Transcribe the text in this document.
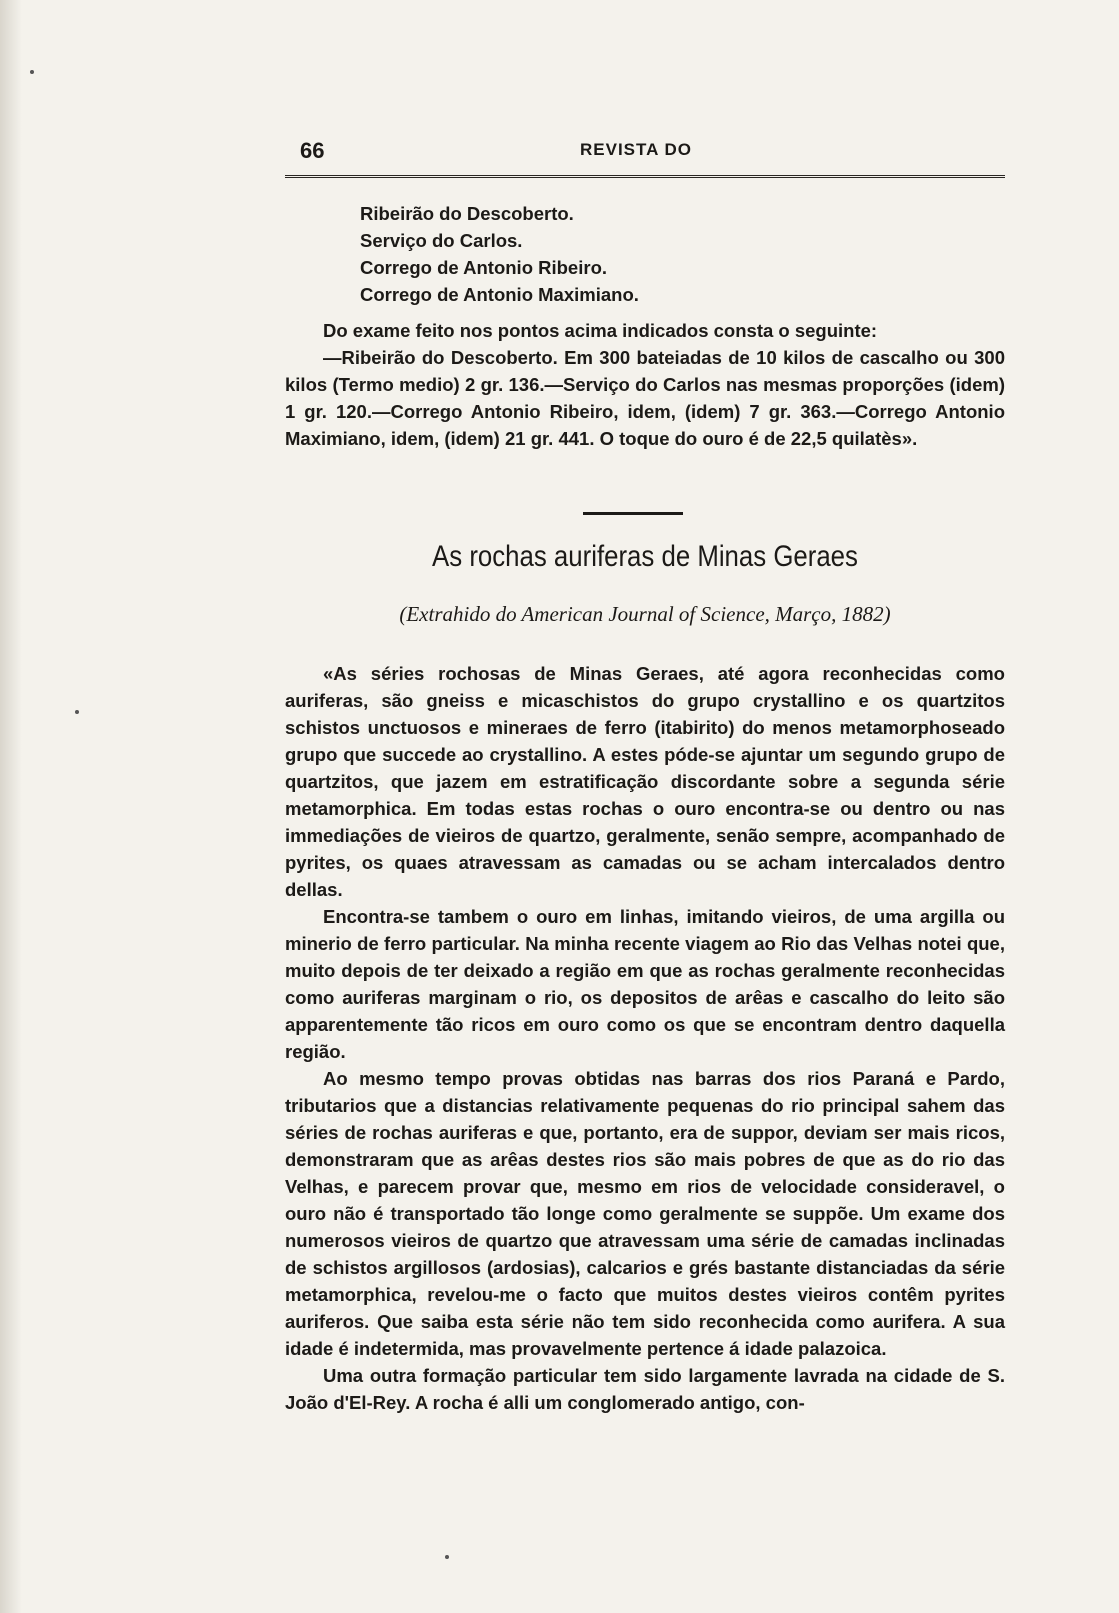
66	REVISTA DO
Ribeirão do Descoberto.
Serviço do Carlos.
Corrego de Antonio Ribeiro.
Corrego de Antonio Maximiano.

Do exame feito nos pontos acima indicados consta o seguinte:

—Ribeirão do Descoberto. Em 300 bateiadas de 10 kilos de cascalho ou 300 kilos (Termo medio) 2 gr. 136.—Serviço do Carlos nas mesmas proporções (idem) 1 gr. 120.—Corrego Antonio Ribeiro, idem, (idem) 7 gr. 363.—Corrego Antonio Maximiano, idem, (idem) 21 gr. 441. O toque do ouro é de 22,5 quilatès».

As rochas auriferas de Minas Geraes
(Extrahido do American Journal of Science, Março, 1882)

«As séries rochosas de Minas Geraes, até agora reconhecidas como auriferas, são gneiss e micaschistos do grupo crystallino e os quartzitos schistos unctuosos e mineraes de ferro (itabirito) do menos metamorphoseado grupo que succede ao crystallino. A estes póde-se ajuntar um segundo grupo de quartzitos, que jazem em estratificação discordante sobre a segunda série metamorphica. Em todas estas rochas o ouro encontra-se ou dentro ou nas immediações de vieiros de quartzo, geralmente, senão sempre, acompanhado de pyrites, os quaes atravessam as camadas ou se acham intercalados dentro dellas.

Encontra-se tambem o ouro em linhas, imitando vieiros, de uma argilla ou minerio de ferro particular. Na minha recente viagem ao Rio das Velhas notei que, muito depois de ter deixado a região em que as rochas geralmente reconhecidas como auriferas marginam o rio, os depositos de arêas e cascalho do leito são apparentemente tão ricos em ouro como os que se encontram dentro daquella região.

Ao mesmo tempo provas obtidas nas barras dos rios Paraná e Pardo, tributarios que a distancias relativamente pequenas do rio principal sahem das séries de rochas auriferas e que, portanto, era de suppor, deviam ser mais ricos, demonstraram que as arêas destes rios são mais pobres de que as do rio das Velhas, e parecem provar que, mesmo em rios de velocidade consideravel, o ouro não é transportado tão longe como geralmente se suppõe. Um exame dos numerosos vieiros de quartzo que atravessam uma série de camadas inclinadas de schistos argillosos (ardosias), calcarios e grés bastante distanciadas da série metamorphica, revelou-me o facto que muitos destes vieiros contêm pyrites auriferos. Que saiba esta série não tem sido reconhecida como aurifera. A sua idade é indetermida, mas provavelmente pertence á idade palazoica.

Uma outra formação particular tem sido largamente lavrada na cidade de S. João d'El-Rey. A rocha é alli um conglomerado antigo, con-
